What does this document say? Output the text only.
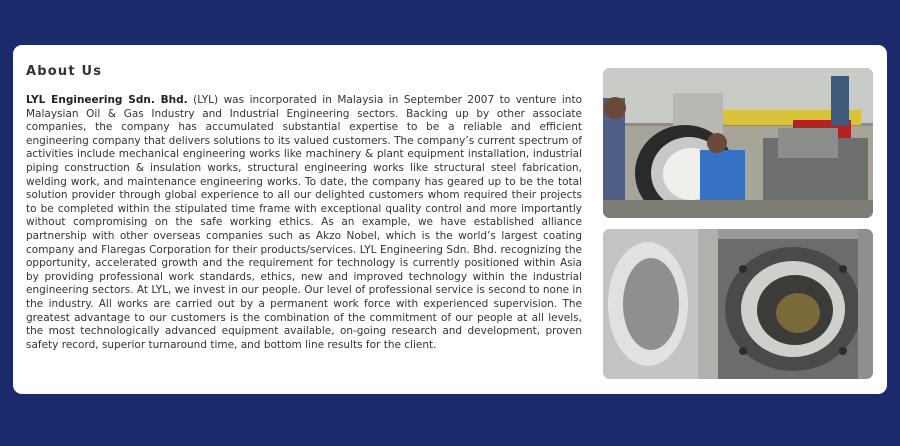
About Us

LYL Engineering Sdn. Bhd. (LYL) was incorporated in Malaysia in September 2007 to venture into Malaysian Oil & Gas Industry and Industrial Engineering sectors. Backing up by other associate companies, the company has accumulated substantial expertise to be a reliable and efficient engineering company that delivers solutions to its valued customers. The company’s current spectrum of activities include mechanical engineering works like machinery & plant equipment installation, industrial piping construction & insulation works, structural engineering works like structural steel fabrication, welding work, and maintenance engineering works. To date, the company has geared up to be the total solution provider through global experience to all our delighted customers whom required their projects to be completed within the stipulated time frame with exceptional quality control and more importantly without compromising on the safe working ethics. As an example, we have established alliance partnership with other overseas companies such as Akzo Nobel, which is the world’s largest coating company and Flaregas Corporation for their products/services. LYL Engineering Sdn. Bhd. recognizing the opportunity, accelerated growth and the requirement for technology is currently positioned within Asia by providing professional work standards, ethics, new and improved technology within the industrial engineering sectors. At LYL, we invest in our people. Our level of professional service is second to none in the industry. All works are carried out by a permanent work force with experienced supervision. The greatest advantage to our customers is the combination of the commitment of our people at all levels, the most technologically advanced equipment available, on-going research and development, proven safety record, superior turnaround time, and bottom line results for the client.
